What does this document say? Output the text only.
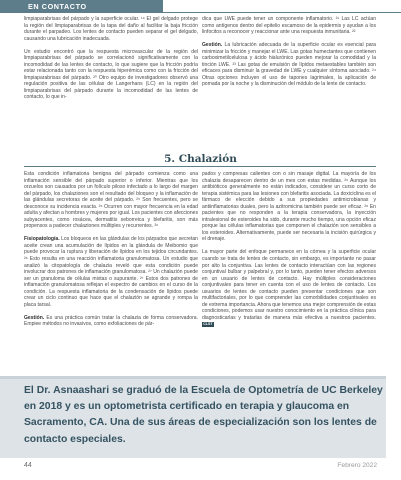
EN CONTACTO

limpiaparabrisas del párpado y la superficie ocular. ¹⁹ El gel delgado protege la región del limpiaparabrisas de la tapa del daño al facilitar la baja fricción durante el parpadeo. Los lentes de contacto pueden separar el gel delgado, causando una lubricación inadecuada.

Un estudio encontró que la respuesta microvascular de la región del limpiaparabrisas del párpado se correlacionó significativamente con la incomodidad de las lentes de contacto, lo que sugiere que la fricción podría estar relacionada tanto con la respuesta hiperémica como con la fricción del limpiaparabrisas del párpado. ²⁰ Otro equipo de investigadores observó una regulación positiva de las células de Langerhans (LC) en la región del limpiaparabrisas del párpado durante la incomodidad de las lentes de contacto, lo que in-

dica que LWE puede tener un componente inflamatorio. ²¹ Las LC actúan como antígenos dentro del epitelio escamoso de la epidermis y ayudan a los linfocitos a reconocer y reaccionar ante una respuesta inmunitaria. ²²

Gestión. La lubricación adecuada de la superficie ocular es esencial para minimizar la fricción y manejar el LWE. Las gotas humectantes que contienen carboximetilcelulosa y ácido hialurónico pueden mejorar la comodidad y la tinción LWE. ²³ Las gotas de emulsión de lípidos metaestables también son eficaces para disminuir la gravedad de LWE y cualquier síntoma asociado. ²⁴ Otras opciones incluyen el uso de tapones lagrimales, la aplicación de pomada por la noche y la disminución del módulo de la lente de contacto.

5. Chalazión

Esta condición inflamatoria benigna del párpado comienza como una inflamación sensible del párpado superior o inferior. Mientras que los orzuelos son causados por un folículo piloso infectado a lo largo del margen del párpado, los chalaziones son el resultado del bloqueo y la inflamación de las glándulas secretoras de aceite del párpado. ²⁵ Son frecuentes, pero se desconoce su incidencia exacta. ²⁶ Ocurren con mayor frecuencia en la edad adulta y afectan a hombres y mujeres por igual. Los pacientes con afecciones subyacentes, como rosácea, dermatitis seborreica y blefaritis, son más propensos a padecer chalaziones múltiples y recurrentes. ²⁶

Fisiopatología. Los bloqueos en las glándulas de los párpados que secretan aceite crean una acumulación de lípidos en la glándula de Meibomio que puede provocar la ruptura y liberación de lípidos en los tejidos circundantes. ²⁶ Esto resulta en una reacción inflamatoria granulomatosa. Un estudio que analizó la citopatología de chalazia reveló que esta condición puede involucrar dos patrones de inflamación granulomatosa. ²⁷ Un chalazión puede ser un granuloma de células mixtas o supurante. ²⁷ Estos dos patrones de inflamación granulomatosa reflejan el espectro de cambios en el curso de la condición. La respuesta inflamatoria de la condensación de lípidos puede crear un ciclo continuo que hace que el chalazión se agrande y rompa la placa tarsal.

Gestión. Es una práctica común tratar la chalazia de forma conservadora. Empiee métodos no invasivos, como exfoliaciones de pár-

pados y compresas calientes con o sin masaje digital. La mayoría de los chalazia desaparecen dentro de un mes con estas medidas. ²⁶ Aunque los antibióticos generalmente no están indicados, considere un curso corto de terapia sistémica para las lesiones con blefaritis asociada. La doxiciclina es el fármaco de elección debido a sus propiedades antimicrobianas y antiinflamatorias duales, pero la azitromicina también puede ser eficaz. ²⁸ En pacientes que no responden a la terapia conservadora, la inyección intralesional de esteroides ha sido, durante mucho tiempo, una opción eficaz porque las células inflamatorias que componen el chalazión son sensibles a los esteroides. Alternativamente, puede ser necesaria la incisión quirúrgica y el drenaje.

La mayor parte del enfoque permanece en la córnea y la superficie ocular cuando se trata de lentes de contacto, sin embargo, es importante no pasar por alto la conjuntiva. Las lentes de contacto interactúan con las regiones conjuntival bulbar y palpebral y, por lo tanto, pueden tener efectos adversos en un usuario de lentes de contacto. Hay múltiples consideraciones conjuntivales para tener en cuenta con el uso de lentes de contacto. Los usuarios de lentes de contacto pueden presentar condiciones que son multifactoriales, por lo que comprender las comorbilidades conjuntivales es de extrema importancia. Ahora que tenemos una mejor comprensión de estas condiciones, podemos usar nuestro conocimiento en la práctica clínica para diagnosticarlas y tratarlas de manera más efectiva a nuestros pacientes. CLST

El Dr. Asnaashari se graduó de la Escuela de Optometría de UC Berkeley en 2018 y es un optometrista certificado en terapia y glaucoma en Sacramento, CA. Una de sus áreas de especialización son los lentes de contacto especiales.
44	Febrero 2022
